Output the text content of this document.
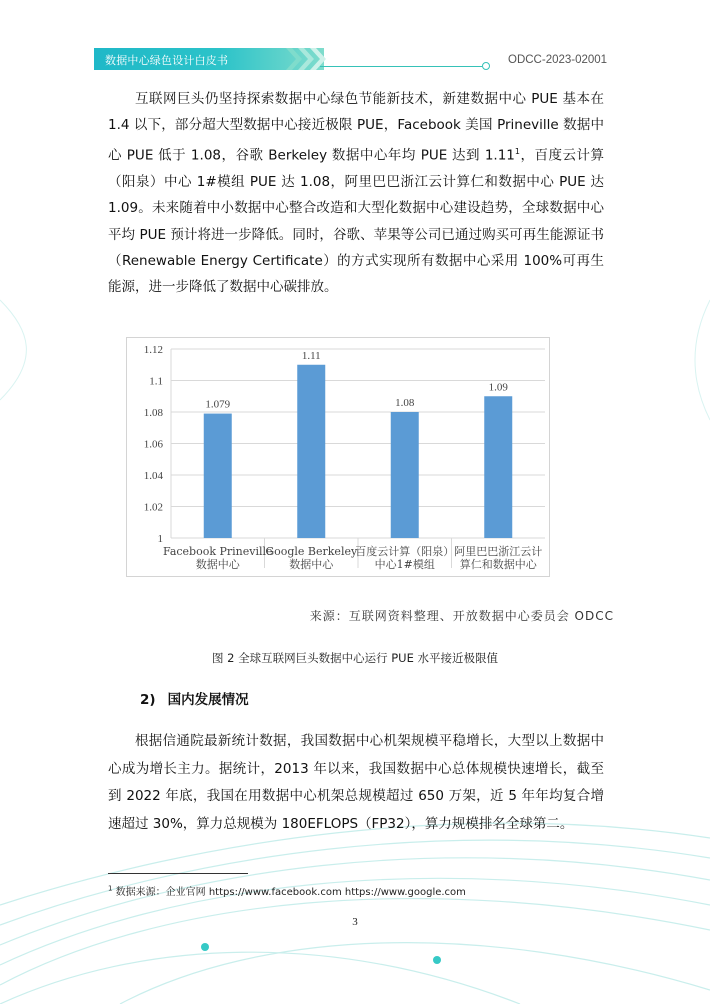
数据中心绿色设计白皮书	ODCC-2023-02001
互联网巨头仍坚持探索数据中心绿色节能新技术，新建数据中心 PUE 基本在 1.4 以下，部分超大型数据中心接近极限 PUE，Facebook 美国 Prineville 数据中心 PUE 低于 1.08，谷歌 Berkeley 数据中心年均 PUE 达到 1.11$^1$，百度云计算（阳泉）中心 1#模组 PUE 达 1.08，阿里巴巴浙江云计算仁和数据中心 PUE 达 1.09。未来随着中小数据中心整合改造和大型化数据中心建设趋势，全球数据中心平均 PUE 预计将进一步降低。同时，谷歌、苹果等公司已通过购买可再生能源证书（Renewable Energy Certificate）的方式实现所有数据中心采用 100%可再生能源，进一步降低了数据中心碳排放。
1
1.02
1.04
1.06
1.08
1.1
1.12
1.079
Facebook Prineville
数据中心
1.11
Google Berkeley
数据中心
1.08
百度云计算（阳泉）
中心1#模组
1.09
阿里巴巴浙江云计
算仁和数据中心
来源：互联网资料整理、开放数据中心委员会 ODCC
图 2 全球互联网巨头数据中心运行 PUE 水平接近极限值
2) 国内发展情况
根据信通院最新统计数据，我国数据中心机架规模平稳增长，大型以上数据中心成为增长主力。据统计，2013 年以来，我国数据中心总体规模快速增长，截至到 2022 年底，我国在用数据中心机架总规模超过 650 万架，近 5 年年均复合增速超过 30%，算力总规模为 180EFLOPS（FP32），算力规模排名全球第二。
$^1$ 数据来源：企业官网 https://www.facebook.com https://www.google.com
3
